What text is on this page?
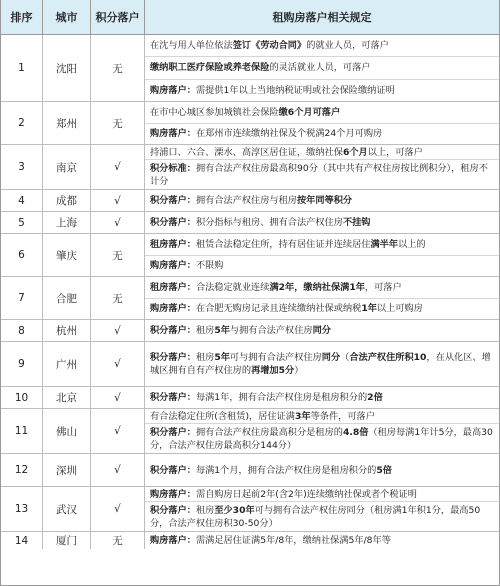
排序	城市	积分落户	租购房落户相关规定
1	沈阳	无
在沈与用人单位依法签订《劳动合同》的就业人员，可落户
缴纳职工医疗保险或养老保险的灵活就业人员，可落户
购房落户：需提供1年以上当地纳税证明或社会保险缴纳证明
2	郑州	无
在市中心城区参加城镇社会保险缴6个月可落户
购房落户：在郑州市连续缴纳社保及个税满24个月可购房
3	南京	√
持浦口、六合、溧水、高淳区居住证，缴纳社保6个月以上，可落户
积分标准：拥有合法产权住房最高积90分（其中共有产权住房按比例积分），租房不计分
4	成都	√	积分落户：拥有合法产权住房与租房按年同等积分
5	上海	√	积分落户：积分指标与租房、拥有合法产权住房不挂钩
6	肇庆	无
租房落户：租赁合法稳定住所，持有居住证并连续居住满半年以上的
购房落户：不限购
7	合肥	无
租房落户：合法稳定就业连续满2年，缴纳社保满1年，可落户
购房落户：在合肥无购房记录且连续缴纳社保或纳税1年以上可购房
8	杭州	√	积分落户：租房5年与拥有合法产权住房同分
9	广州	√
积分落户：租房5年可与拥有合法产权住房同分（合法产权住所积10，在从化区、增城区拥有自有产权住房的再增加5分）
10	北京	√	积分落户：每满1年，拥有合法产权住房是租房积分的2倍
11	佛山	√
有合法稳定住所(含租赁)，居住证满3年等条件，可落户
积分落户：拥有合法产权住房最高积分是租房的4.8倍（租房每满1年计5分，最高30分，合法产权住房最高积分144分）
12	深圳	√	积分落户：每满1个月，拥有合法产权住房是租房积分的5倍
13	武汉	√
购房落户：需自购房日起前2年(含2年)连续缴纳社保或者个税证明
积分落户：租房至少30年可与拥有合法产权住房同分（租房满1年积1分，最高50分，合法产权住房积30-50分）
14	厦门	无	购房落户：需满足居住证满5年/8年，缴纳社保满5年/8年等
